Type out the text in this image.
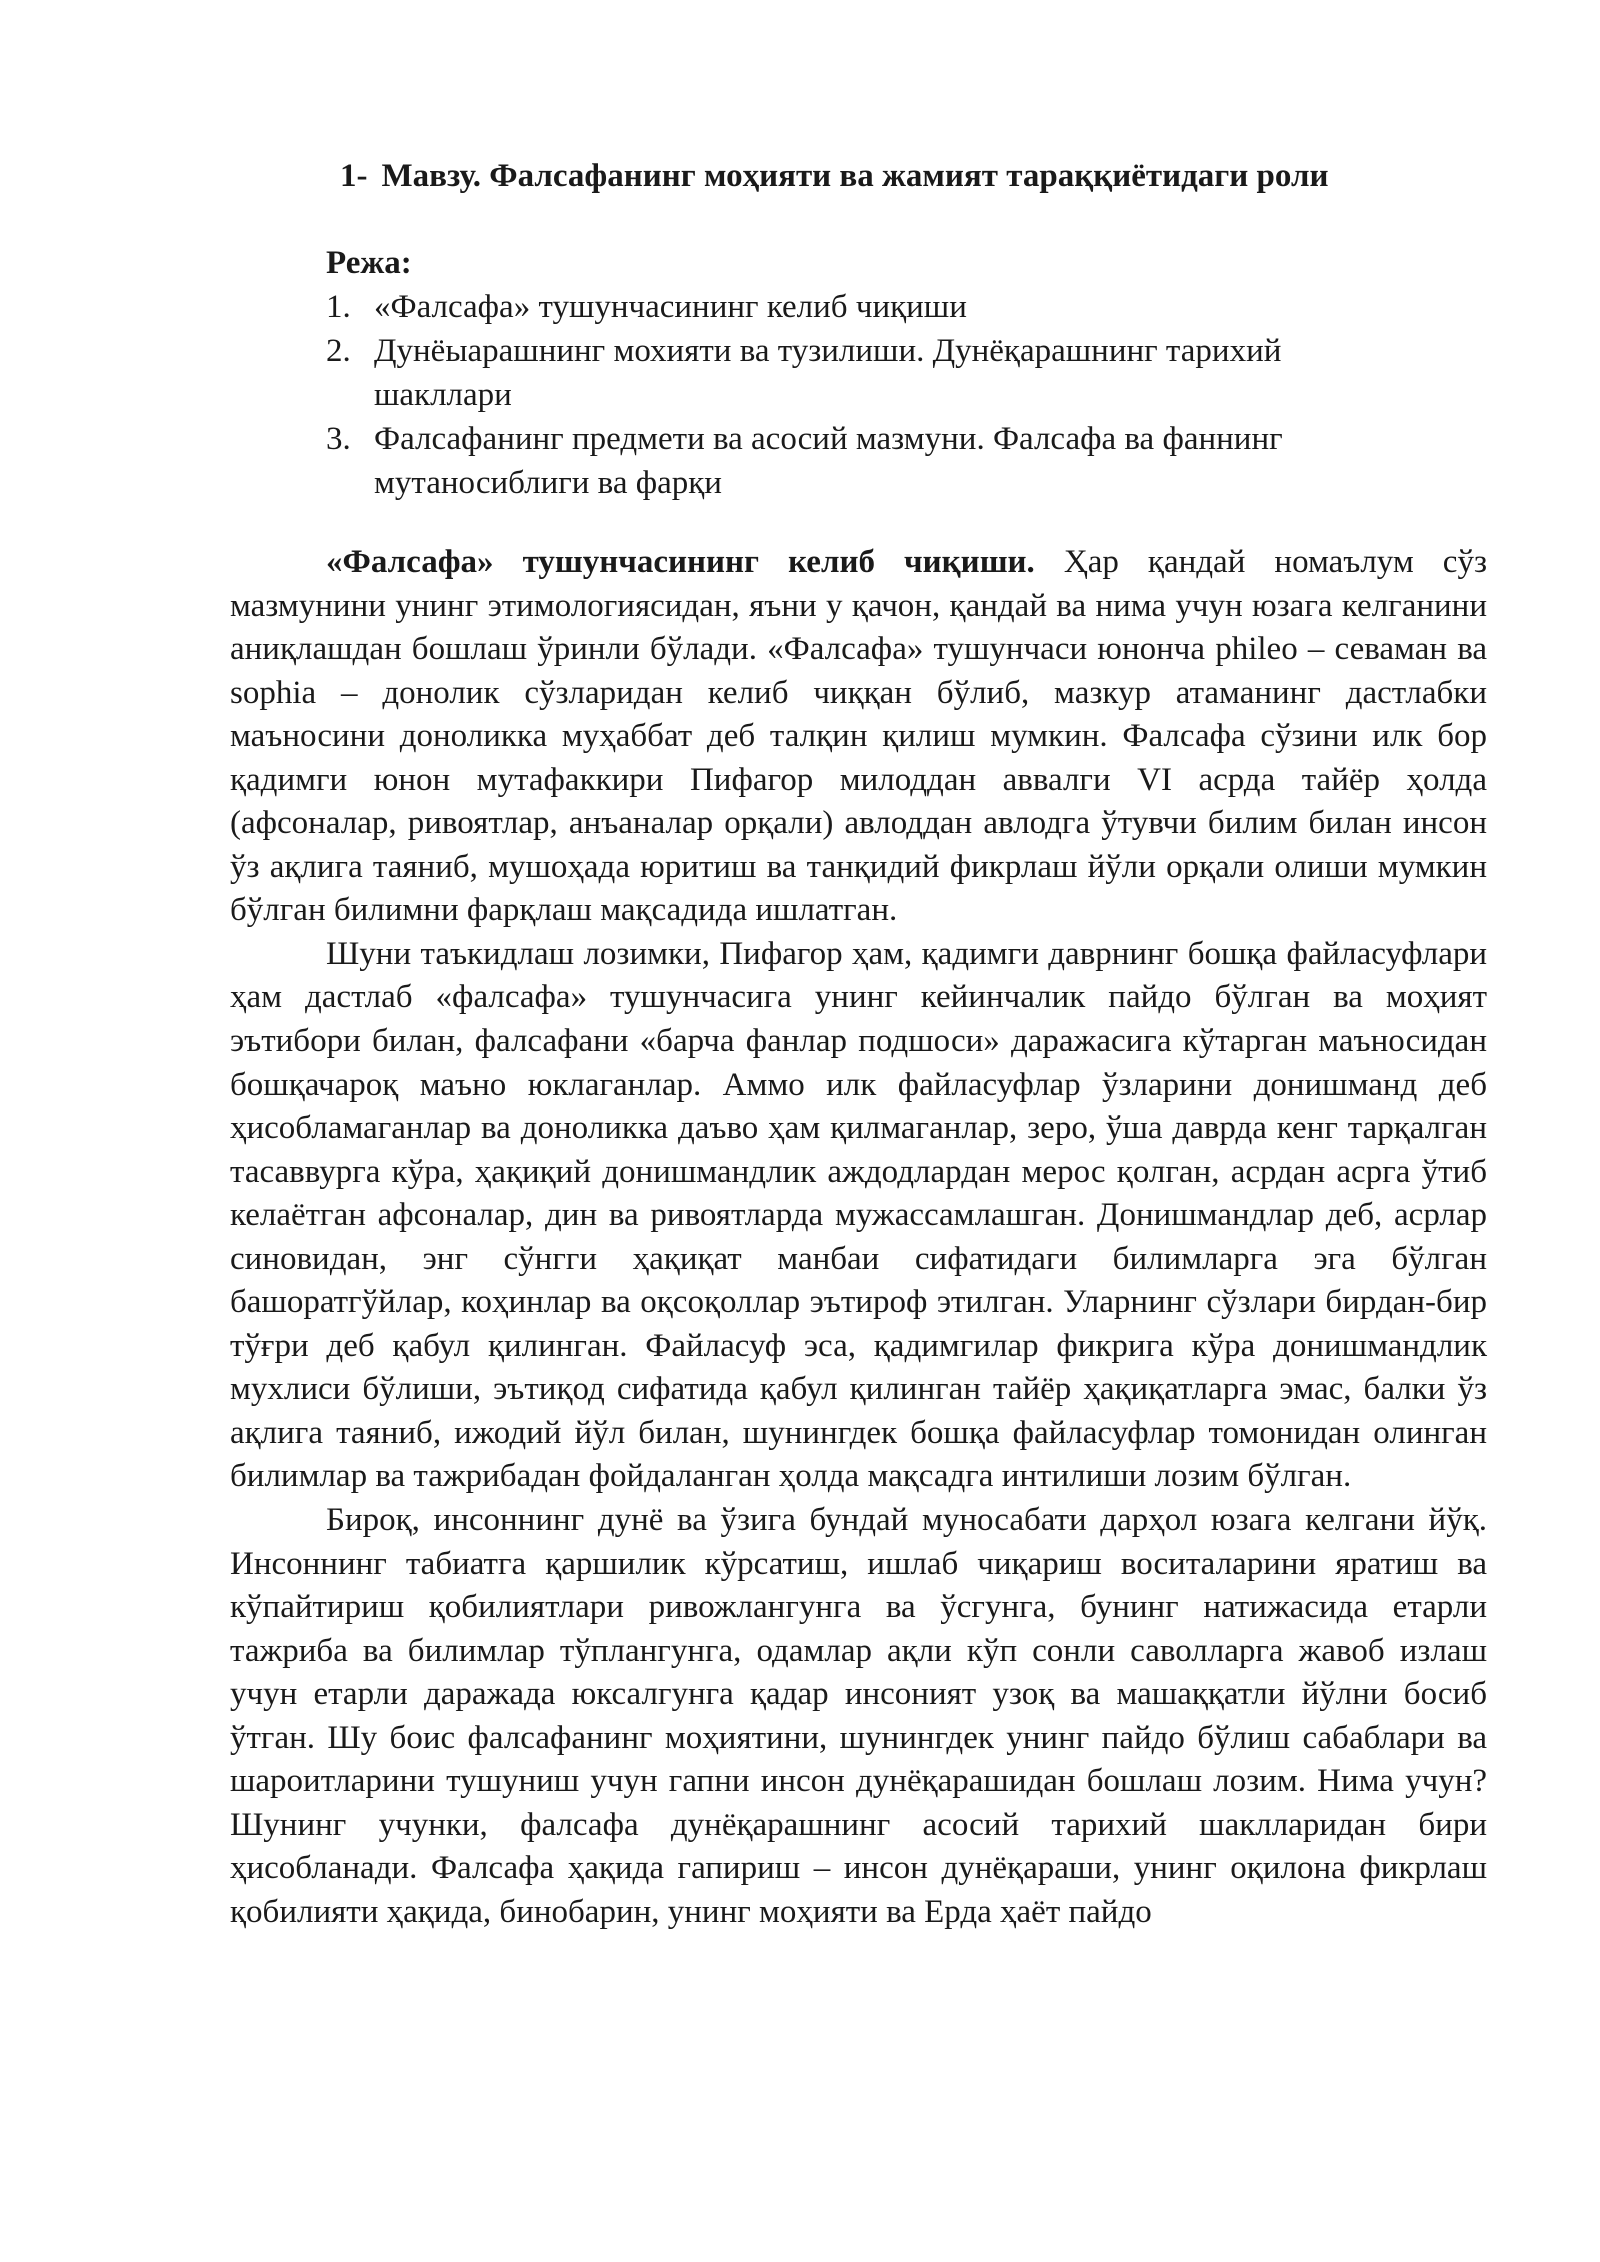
1- Мавзу. Фалсафанинг моҳияти ва жамият тараққиётидаги роли
Режа:
1. «Фалсафа» тушунчасининг келиб чиқиши
2. Дунёыарашнинг мохияти ва тузилиши. Дунёқарашнинг тарихий шакллари
3. Фалсафанинг предмети ва асосий мазмуни. Фалсафа ва фаннинг мутаносиблиги ва фарқи

«Фалсафа» тушунчасининг келиб чиқиши. Ҳар қандай номаълум сўз мазмунини унинг этимологиясидан, яъни у қачон, қандай ва нима учун юзага келганини аниқлашдан бошлаш ўринли бўлади. «Фалсафа» тушунчаси юнонча phileo – севаман ва sophia – донолик сўзларидан келиб чиққан бўлиб, мазкур атаманинг дастлабки маъносини доноликка муҳаббат деб талқин қилиш мумкин. Фалсафа сўзини илк бор қадимги юнон мутафаккири Пифагор милоддан аввалги VI асрда тайёр ҳолда (афсоналар, ривоятлар, анъаналар орқали) авлоддан авлодга ўтувчи билим билан инсон ўз ақлига таяниб, мушоҳада юритиш ва танқидий фикрлаш йўли орқали олиши мумкин бўлган билимни фарқлаш мақсадида ишлатган.

Шуни таъкидлаш лозимки, Пифагор ҳам, қадимги даврнинг бошқа файласуфлари ҳам дастлаб «фалсафа» тушунчасига унинг кейинчалик пайдо бўлган ва моҳият эътибори билан, фалсафани «барча фанлар подшоси» даражасига кўтарган маъносидан бошқачароқ маъно юклаганлар. Аммо илк файласуфлар ўзларини донишманд деб ҳисобламаганлар ва доноликка даъво ҳам қилмаганлар, зеро, ўша даврда кенг тарқалган тасаввурга кўра, ҳақиқий донишмандлик аждодлардан мерос қолган, асрдан асрга ўтиб келаётган афсоналар, дин ва ривоятларда мужассамлашган. Донишмандлар деб, асрлар синовидан, энг сўнгги ҳақиқат манбаи сифатидаги билимларга эга бўлган башоратгўйлар, коҳинлар ва оқсоқоллар эътироф этилган. Уларнинг сўзлари бирдан-бир тўғри деб қабул қилинган. Файласуф эса, қадимгилар фикрига кўра донишмандлик мухлиси бўлиши, эътиқод сифатида қабул қилинган тайёр ҳақиқатларга эмас, балки ўз ақлига таяниб, ижодий йўл билан, шунингдек бошқа файласуфлар томонидан олинган билимлар ва тажрибадан фойдаланган ҳолда мақсадга интилиши лозим бўлган.

Бироқ, инсоннинг дунё ва ўзига бундай муносабати дарҳол юзага келгани йўқ. Инсоннинг табиатга қаршилик кўрсатиш, ишлаб чиқариш воситаларини яратиш ва кўпайтириш қобилиятлари ривожлангунга ва ўсгунга, бунинг натижасида етарли тажриба ва билимлар тўплангунга, одамлар ақли кўп сонли саволларга жавоб излаш учун етарли даражада юксалгунга қадар инсоният узоқ ва машаққатли йўлни босиб ўтган. Шу боис фалсафанинг моҳиятини, шунингдек унинг пайдо бўлиш сабаблари ва шароитларини тушуниш учун гапни инсон дунёқарашидан бошлаш лозим. Нима учун? Шунинг учунки, фалсафа дунёқарашнинг асосий тарихий шаклларидан бири ҳисобланади. Фалсафа ҳақида гапириш – инсон дунёқараши, унинг оқилона фикрлаш қобилияти ҳақида, бинобарин, унинг моҳияти ва Ерда ҳаёт пайдо
